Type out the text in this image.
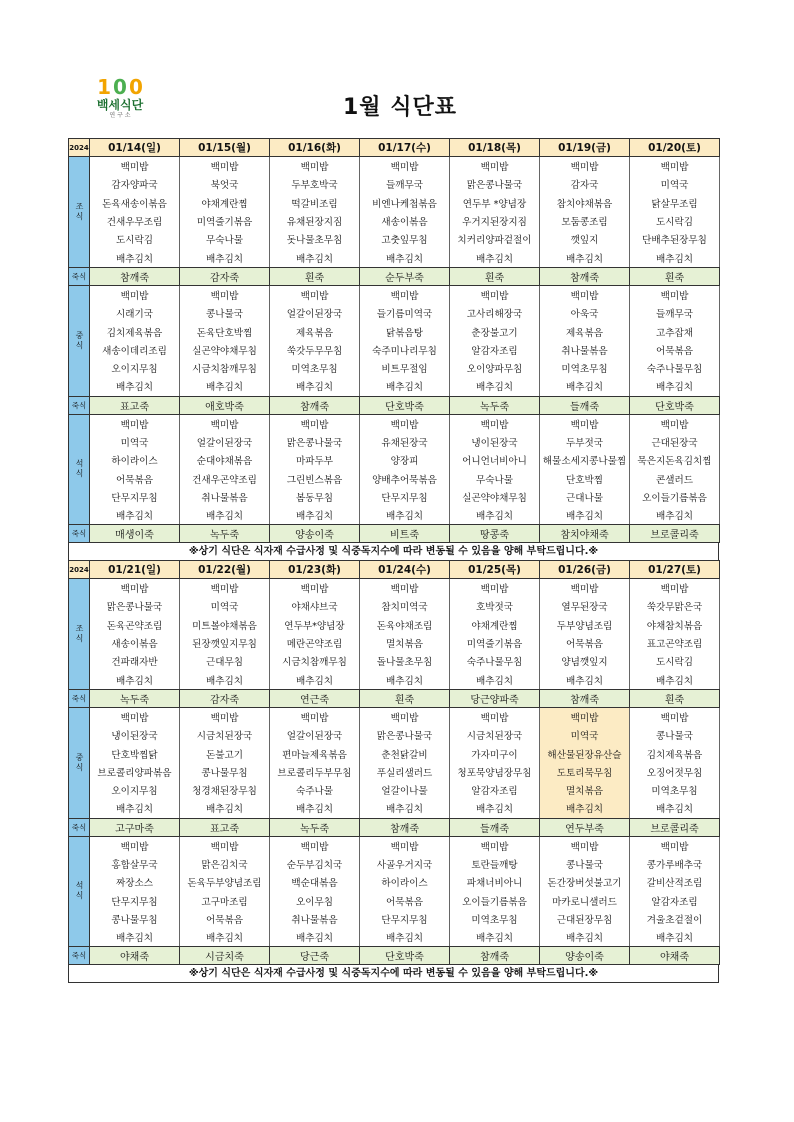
1 0 0
백세식단
연 구 소	1월 식단표
2024	01/14(일)	01/15(월)	01/16(화)	01/17(수)	01/18(목)	01/19(금)	01/20(토)
조식	백미밥	백미밥	백미밥	백미밥	백미밥	백미밥	백미밥
	감자양파국	북엇국	두부호박국	들깨무국	맑은콩나물국	감자국	미역국
	돈육새송이볶음	야채계란찜	떡갈비조림	비엔나케첩볶음	연두부 *양념장	참치야채볶음	닭살무조림
	건새우무조림	미역줄기볶음	유채된장지짐	새송이볶음	우거지된장지짐	모둠콩조림	도시락김
	도시락김	무숙나물	돗나물초무침	고춧잎무침	치커리양파겉절이	깻잎지	단배추된장무침
	배추김치	배추김치	배추김치	배추김치	배추김치	배추김치	배추김치
죽식	참깨죽	감자죽	흰죽	순두부죽	흰죽	참깨죽	흰죽
중식	백미밥	백미밥	백미밥	백미밥	백미밥	백미밥	백미밥
	시래기국	콩나물국	얼갈이된장국	들기름미역국	고사리해장국	아욱국	들깨무국
	김치제육볶음	돈육단호박찜	제육볶음	닭볶음탕	춘장불고기	제육볶음	고추잡채
	새송이데리조림	실곤약야채무침	쑥갓두무무침	숙주미나리무침	알감자조림	취나물볶음	어묵볶음
	오이지무침	시금치참깨무침	미역초무침	비트무절임	오이양파무침	미역초무침	숙주나물무침
	배추김치	배추김치	배추김치	배추김치	배추김치	배추김치	배추김치
죽식	표고죽	애호박죽	참깨죽	단호박죽	녹두죽	들깨죽	단호박죽
석식	백미밥	백미밥	백미밥	백미밥	백미밥	백미밥	백미밥
	미역국	얼갈이된장국	맑은콩나물국	유채된장국	냉이된장국	두부젓국	근대된장국
	하이라이스	순대야채볶음	마파두부	양장피	어니언너비아니	해물소세지콩나물찜	묵은지돈육김치찜
	어묵볶음	건새우곤약조림	그린빈스볶음	양배추어묵볶음	무숙나물	단호박찜	콘샐러드
	단무지무침	취나물볶음	봄동무침	단무지무침	실곤약야채무침	근대나물	오이들기름볶음
	배추김치	배추김치	배추김치	배추김치	배추김치	배추김치	배추김치
죽식	매생이죽	녹두죽	양송이죽	비트죽	땅콩죽	참치야채죽	브로콜리죽
※상기 식단은 식자재 수급사정 및 식중독지수에 따라 변동될 수 있음을 양해 부탁드립니다.※
2024	01/21(일)	01/22(월)	01/23(화)	01/24(수)	01/25(목)	01/26(금)	01/27(토)
조식	백미밥	백미밥	백미밥	백미밥	백미밥	백미밥	백미밥
	맑은콩나물국	미역국	야채샤브국	참치미역국	호박젓국	열무된장국	쑥갓무맑은국
	돈육곤약조림	미트볼야채볶음	연두부*양념장	돈육야채조림	야채계란찜	두부양념조림	야채참치볶음
	새송이볶음	된장깻잎지무침	메란곤약조림	멸치볶음	미역줄기볶음	어묵볶음	표고곤약조림
	건파래자반	근대무침	시금치참깨무침	돌나물초무침	숙주나물무침	양념깻잎지	도시락김
	배추김치	배추김치	배추김치	배추김치	배추김치	배추김치	배추김치
죽식	녹두죽	감자죽	연근죽	흰죽	당근양파죽	참깨죽	흰죽
중식	백미밥	백미밥	백미밥	백미밥	백미밥	백미밥	백미밥
	냉이된장국	시금치된장국	얼갈이된장국	맑은콩나물국	시금치된장국	미역국	콩나물국
	단호박찜닭	돈불고기	편마늘제육볶음	춘천닭갈비	가자미구이	해산물된장유산슬	김치제육볶음
	브로콜리양파볶음	콩나물무침	브로콜리두부무침	푸실리샐러드	청포묵양념장무침	도토리묵무침	오징어젓무침
	오이지무침	청경채된장무침	숙주나물	얼갈이나물	알감자조림	멸치볶음	미역초무침
	배추김치	배추김치	배추김치	배추김치	배추김치	배추김치	배추김치
죽식	고구마죽	표고죽	녹두죽	참깨죽	들깨죽	연두부죽	브로콜리죽
석식	백미밥	백미밥	백미밥	백미밥	백미밥	백미밥	백미밥
	홍합살무국	맑은김치국	순두부김치국	사골우거지국	토란들깨탕	콩나물국	콩가루배추국
	짜장소스	돈육두부양념조림	백순대볶음	하이라이스	파채너비아니	돈간장버섯불고기	갈비산적조림
	단무지무침	고구마조림	오이무침	어묵볶음	오이들기름볶음	마카로니샐러드	알감자조림
	콩나물무침	어묵볶음	취나물볶음	단무지무침	미역초무침	근대된장무침	겨울초겉절이
	배추김치	배추김치	배추김치	배추김치	배추김치	배추김치	배추김치
죽식	야채죽	시금치죽	당근죽	단호박죽	참깨죽	양송이죽	야채죽
※상기 식단은 식자재 수급사정 및 식중독지수에 따라 변동될 수 있음을 양해 부탁드립니다.※
